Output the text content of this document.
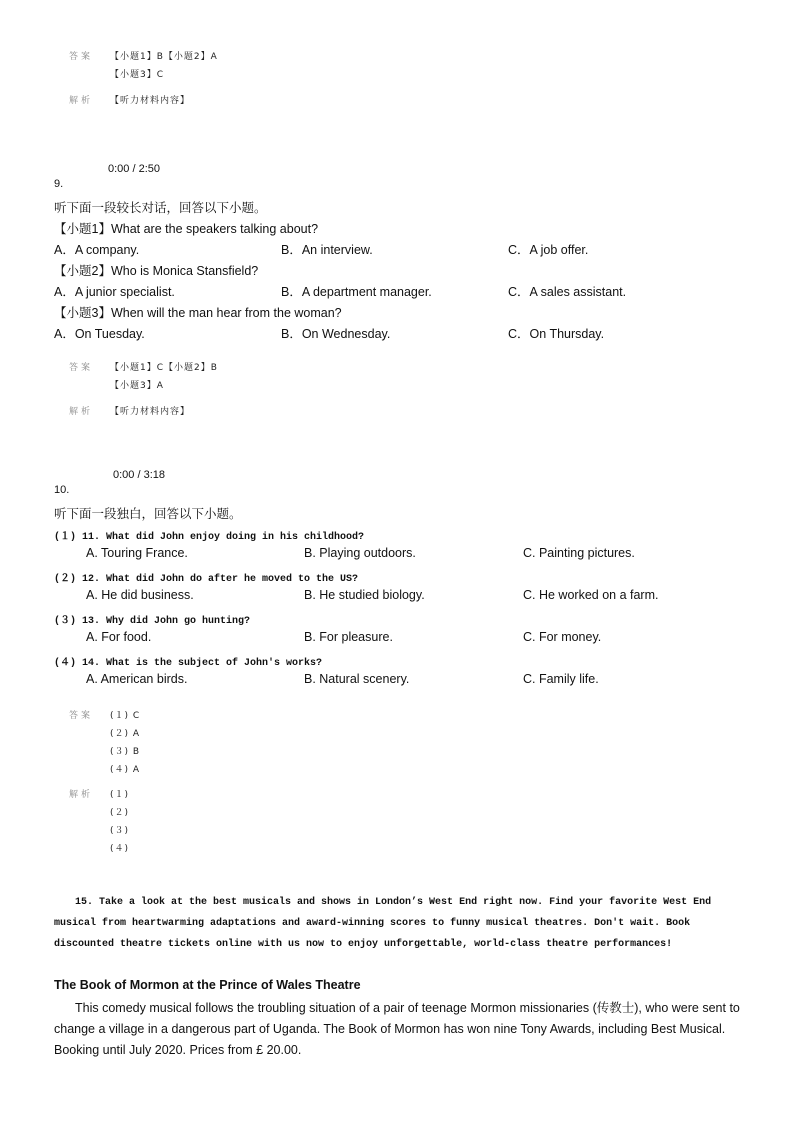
答案 【小题1】B【小题2】A
【小题3】C
解析 【听力材料内容】
0:00 / 2:50
9.
听下面一段较长对话，回答以下小题。
【小题1】What are the speakers talking about?
A．A company.	B．An interview.	C．A job offer.
【小题2】Who is Monica Stansfield?
A．A junior specialist.	B．A department manager.	C．A sales assistant.
【小题3】When will the man hear from the woman?
A．On Tuesday.	B．On Wednesday.	C．On Thursday.
答案 【小题1】C【小题2】B
【小题3】A
解析 【听力材料内容】
0:00 / 3:18
10.
听下面一段独白，回答以下小题。
(１) 11. What did John enjoy doing in his childhood?
A. Touring France.	B. Playing outdoors.	C. Painting pictures.
(２) 12. What did John do after he moved to the US?
A. He did business.	B. He studied biology.	C. He worked on a farm.
(３) 13. Why did John go hunting?
A. For food.	B. For pleasure.	C. For money.
(４) 14. What is the subject of John's works?
A. American birds.	B. Natural scenery.	C. Family life.
答案 (１) C
(２) A
(３) B
(４) A
解析 (１)
(２)
(３)
(４)
15. Take a look at the best musicals and shows in London’s West End right now. Find your favorite West End
musical from heartwarming adaptations and award-winning scores to funny musical theatres. Don't wait. Book
discounted theatre tickets online with us now to enjoy unforgettable, world-class theatre performances!
The Book of Mormon at the Prince of Wales Theatre
This comedy musical follows the troubling situation of a pair of teenage Mormon missionaries (传教士), who were sent to change a village in a dangerous part of Uganda. The Book of Mormon has won nine Tony Awards, including Best Musical. Booking until July 2020. Prices from £ 20.00.
